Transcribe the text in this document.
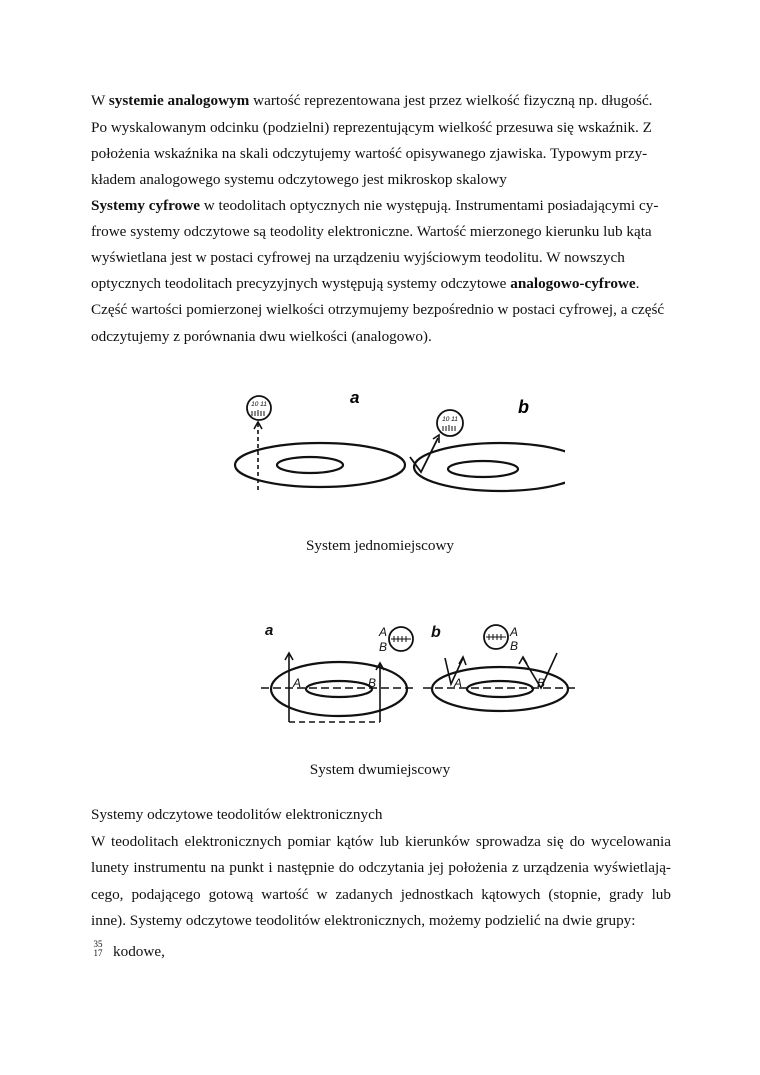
W systemie analogowym wartość reprezentowana jest przez wielkość fizyczną np. długość.
Po wyskalowanym odcinku (podzielni) reprezentującym wielkość przesuwa się wskaźnik. Z
położenia wskaźnika na skali odczytujemy wartość opisywanego zjawiska. Typowym przy-
kładem analogowego systemu odczytowego jest mikroskop skalowy
Systemy cyfrowe w teodolitach optycznych nie występują. Instrumentami posiadającymi cy-
frowe systemy odczytowe są teodolity elektroniczne. Wartość mierzonego kierunku lub kąta
wyświetlana jest w postaci cyfrowej na urządzeniu wyjściowym teodolitu. W nowszych
optycznych teodolitach precyzyjnych występują systemy odczytowe analogowo-cyfrowe.
Część wartości pomierzonej wielkości otrzymujemy bezpośrednio w postaci cyfrowej, a część
odczytujemy z porównania dwu wielkości (analogowo).
10 11
10 11
a	b
System jednomiejscowy
a	b
A
B
A	B
A
B
A	B
System dwumiejscowy
Systemy odczytowe teodolitów elektronicznych
W teodolitach elektronicznych pomiar kątów lub kierunków sprowadza się do wycelowania
lunety instrumentu na punkt i następnie do odczytania jej położenia z urządzenia wyświetlają-
cego, podającego gotową wartość w zadanych jednostkach kątowych (stopnie, grady lub
inne). Systemy odczytowe teodolitów elektronicznych, możemy podzielić na dwie grupy:
35
17 kodowe,
